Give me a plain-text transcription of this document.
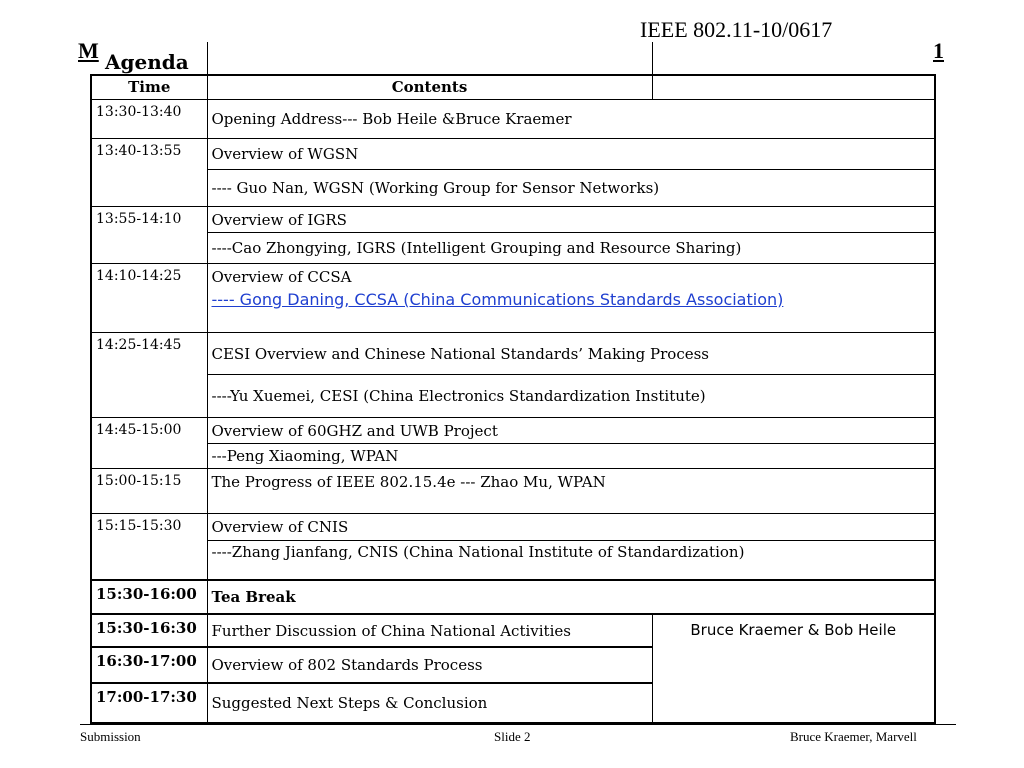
M
IEEE 802.11-10/0617
1
Agenda		
Time	Contents	
13:30-13:40	Opening Address--- Bob Heile &Bruce Kraemer	
13:40-13:55	Overview of WGSN	
	---- Guo Nan, WGSN (Working Group for Sensor Networks)	
13:55-14:10	Overview of IGRS	
	----Cao Zhongying, IGRS (Intelligent Grouping and Resource Sharing)	
14:10-14:25	Overview of CCSA	
	---- Gong Daning, CCSA (China Communications Standards Association)	
14:25-14:45	CESI Overview and Chinese National Standards’ Making Process	
	----Yu Xuemei, CESI (China Electronics Standardization Institute)	
14:45-15:00	Overview of 60GHZ and UWB Project	
	---Peng Xiaoming, WPAN	
15:00-15:15	The Progress of IEEE 802.15.4e --- Zhao Mu, WPAN	
15:15-15:30	Overview of CNIS	
	----Zhang Jianfang, CNIS (China National Institute of Standardization)	
15:30-16:00	Tea Break	
15:30-16:30	Further Discussion of China National Activities	Bruce Kraemer & Bob Heile
16:30-17:00	Overview of 802 Standards Process	
17:00-17:30	Suggested Next Steps & Conclusion	
Submission	Slide 2	Bruce Kraemer, Marvell
